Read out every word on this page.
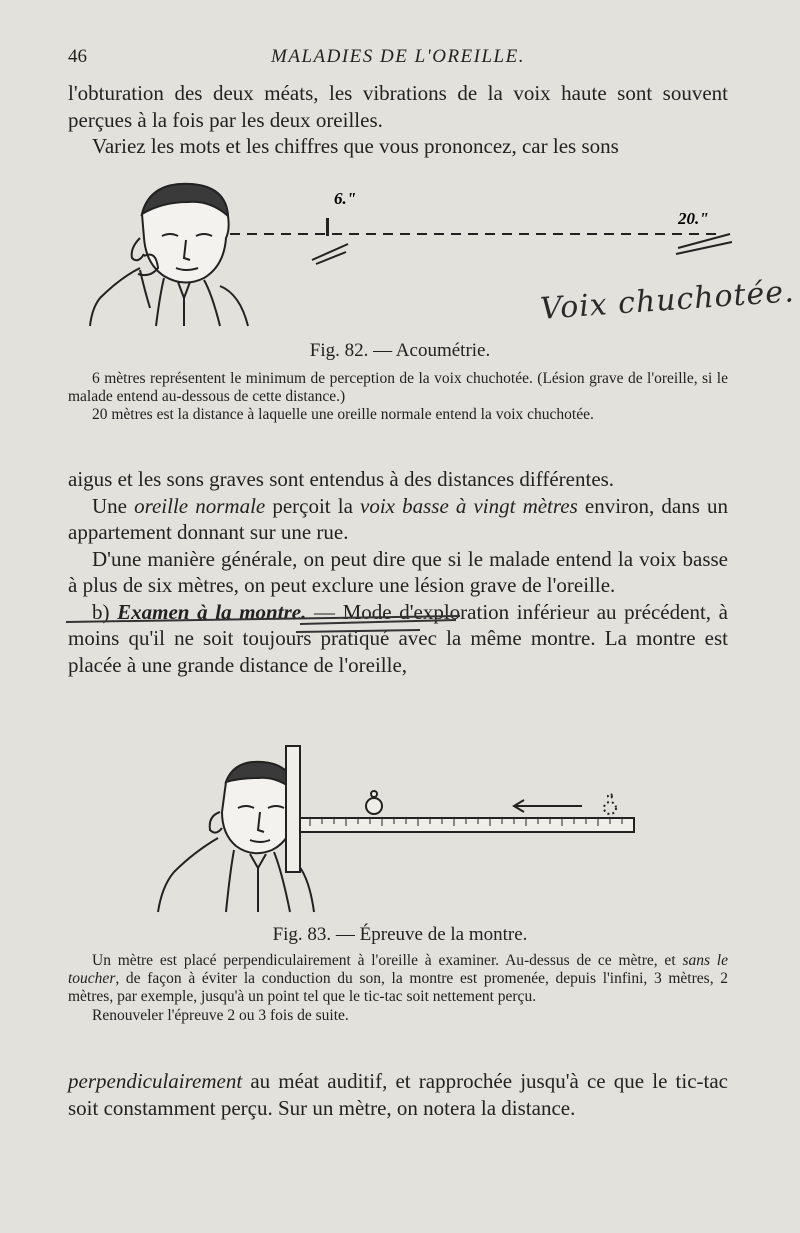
46	MALADIES DE L'OREILLE.

l'obturation des deux méats, les vibrations de la voix haute sont souvent perçues à la fois par les deux oreilles.

Variez les mots et les chiffres que vous prononcez, car les sons

6."
20."
Voix chuchotée.
Fig. 82. — Acoumétrie.

6 mètres représentent le minimum de perception de la voix chuchotée. (Lésion grave de l'oreille, si le malade entend au-dessous de cette distance.)

20 mètres est la distance à laquelle une oreille normale entend la voix chuchotée.

aigus et les sons graves sont entendus à des distances différentes.

Une oreille normale perçoit la voix basse à vingt mètres environ, dans un appartement donnant sur une rue.

D'une manière générale, on peut dire que si le malade entend la voix basse à plus de six mètres, on peut exclure une lésion grave de l'oreille.

b) Examen à la montre. — Mode d'exploration inférieur au précédent, à moins qu'il ne soit toujours pratiqué avec la même montre. La montre est placée à une grande distance de l'oreille,

Fig. 83. — Épreuve de la montre.

Un mètre est placé perpendiculairement à l'oreille à examiner. Au-dessus de ce mètre, et sans le toucher, de façon à éviter la conduction du son, la montre est promenée, depuis l'infini, 3 mètres, 2 mètres, par exemple, jusqu'à un point tel que le tic-tac soit nettement perçu.

Renouveler l'épreuve 2 ou 3 fois de suite.

perpendiculairement au méat auditif, et rapprochée jusqu'à ce que le tic-tac soit constamment perçu. Sur un mètre, on notera la distance.
